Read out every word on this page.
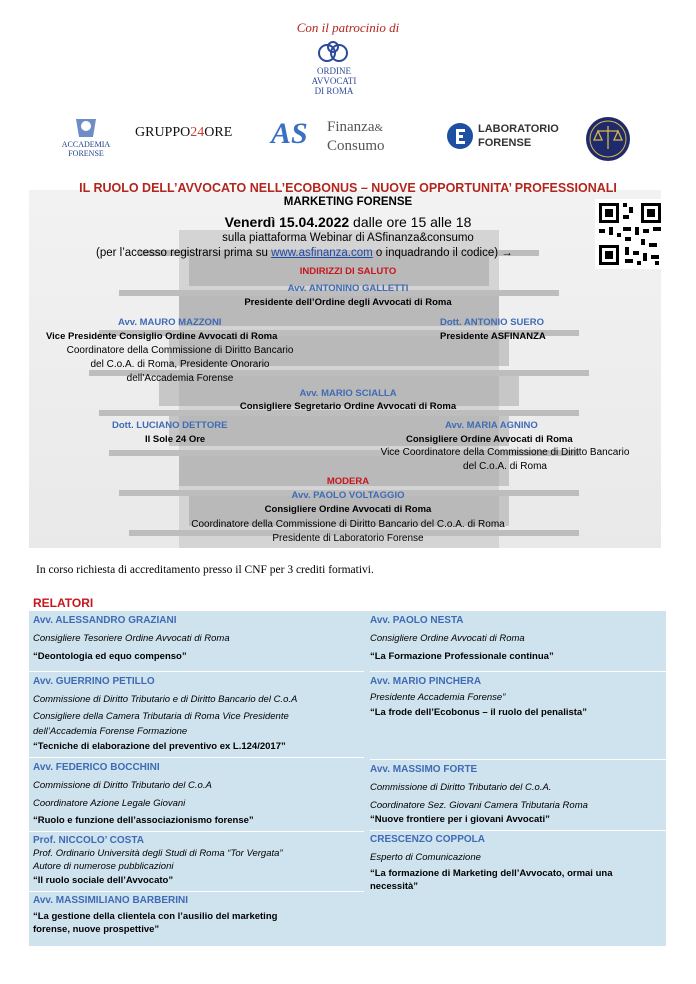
Con il patrocinio di
ORDINE
AVVOCATI
DI ROMA
ACCADEMIA
FORENSE
GRUPPO24ORE AS Finanza&
Consumo
LABORATORIO
FORENSE
IL RUOLO DELL’AVVOCATO NELL’ECOBONUS – NUOVE OPPORTUNITA’ PROFESSIONALI
MARKETING FORENSE
Venerdì 15.04.2022 dalle ore 15 alle 18
sulla piattaforma Webinar di ASfinanza&consumo
(per l’accesso registrarsi prima su www.asfinanza.com o inquadrando il codice) →
INDIRIZZI DI SALUTO
Avv. ANTONINO GALLETTI
Presidente dell’Ordine degli Avvocati di Roma
Avv. MAURO MAZZONI
Vice Presidente Consiglio Ordine Avvocati di Roma
Coordinatore della Commissione di Diritto Bancario
del C.o.A. di Roma, Presidente Onorario
dell’Accademia Forense
Dott. ANTONIO SUERO
Presidente ASFINANZA
Avv. MARIO SCIALLA
Consigliere Segretario Ordine Avvocati di Roma
Dott. LUCIANO DETTORE
Il Sole 24 Ore
Avv. MARIA AGNINO
Consigliere Ordine Avvocati di Roma
Vice Coordinatore della Commissione di Diritto Bancario
del C.o.A. di Roma
MODERA
Avv. PAOLO VOLTAGGIO
Consigliere Ordine Avvocati di Roma
Coordinatore della Commissione di Diritto Bancario del C.o.A. di Roma
Presidente di Laboratorio Forense
In corso richiesta di accreditamento presso il CNF per 3 crediti formativi.
RELATORI
Avv. ALESSANDRO GRAZIANI
Consigliere Tesoriere Ordine Avvocati di Roma
“Deontologia ed equo compenso”
Avv. GUERRINO PETILLO
Commissione di Diritto Tributario e di Diritto Bancario del C.o.A
Consigliere della Camera Tributaria di Roma Vice Presidente
dell’Accademia Forense Formazione
“Tecniche di elaborazione del preventivo ex L.124/2017”
Avv. FEDERICO BOCCHINI
Commissione di Diritto Tributario del C.o.A
Coordinatore Azione Legale Giovani
“Ruolo e funzione dell’associazionismo forense”
Prof. NICCOLO’ COSTA
Prof. Ordinario Università degli Studi di Roma “Tor Vergata”
Autore di numerose pubblicazioni
“Il ruolo sociale dell’Avvocato”
Avv. MASSIMILIANO BARBERINI
“La gestione della clientela con l’ausilio del marketing
forense, nuove prospettive”
Avv. PAOLO NESTA
Consigliere Ordine Avvocati di Roma
“La Formazione Professionale continua”
Avv. MARIO PINCHERA
Presidente Accademia Forense”
“La frode dell’Ecobonus – il ruolo del penalista”
Avv. MASSIMO FORTE
Commissione di Diritto Tributario del C.o.A.
Coordinatore Sez. Giovani Camera Tributaria Roma
“Nuove frontiere per i giovani Avvocati”
CRESCENZO COPPOLA
Esperto di Comunicazione
“La formazione di Marketing dell’Avvocato, ormai una
necessità”
